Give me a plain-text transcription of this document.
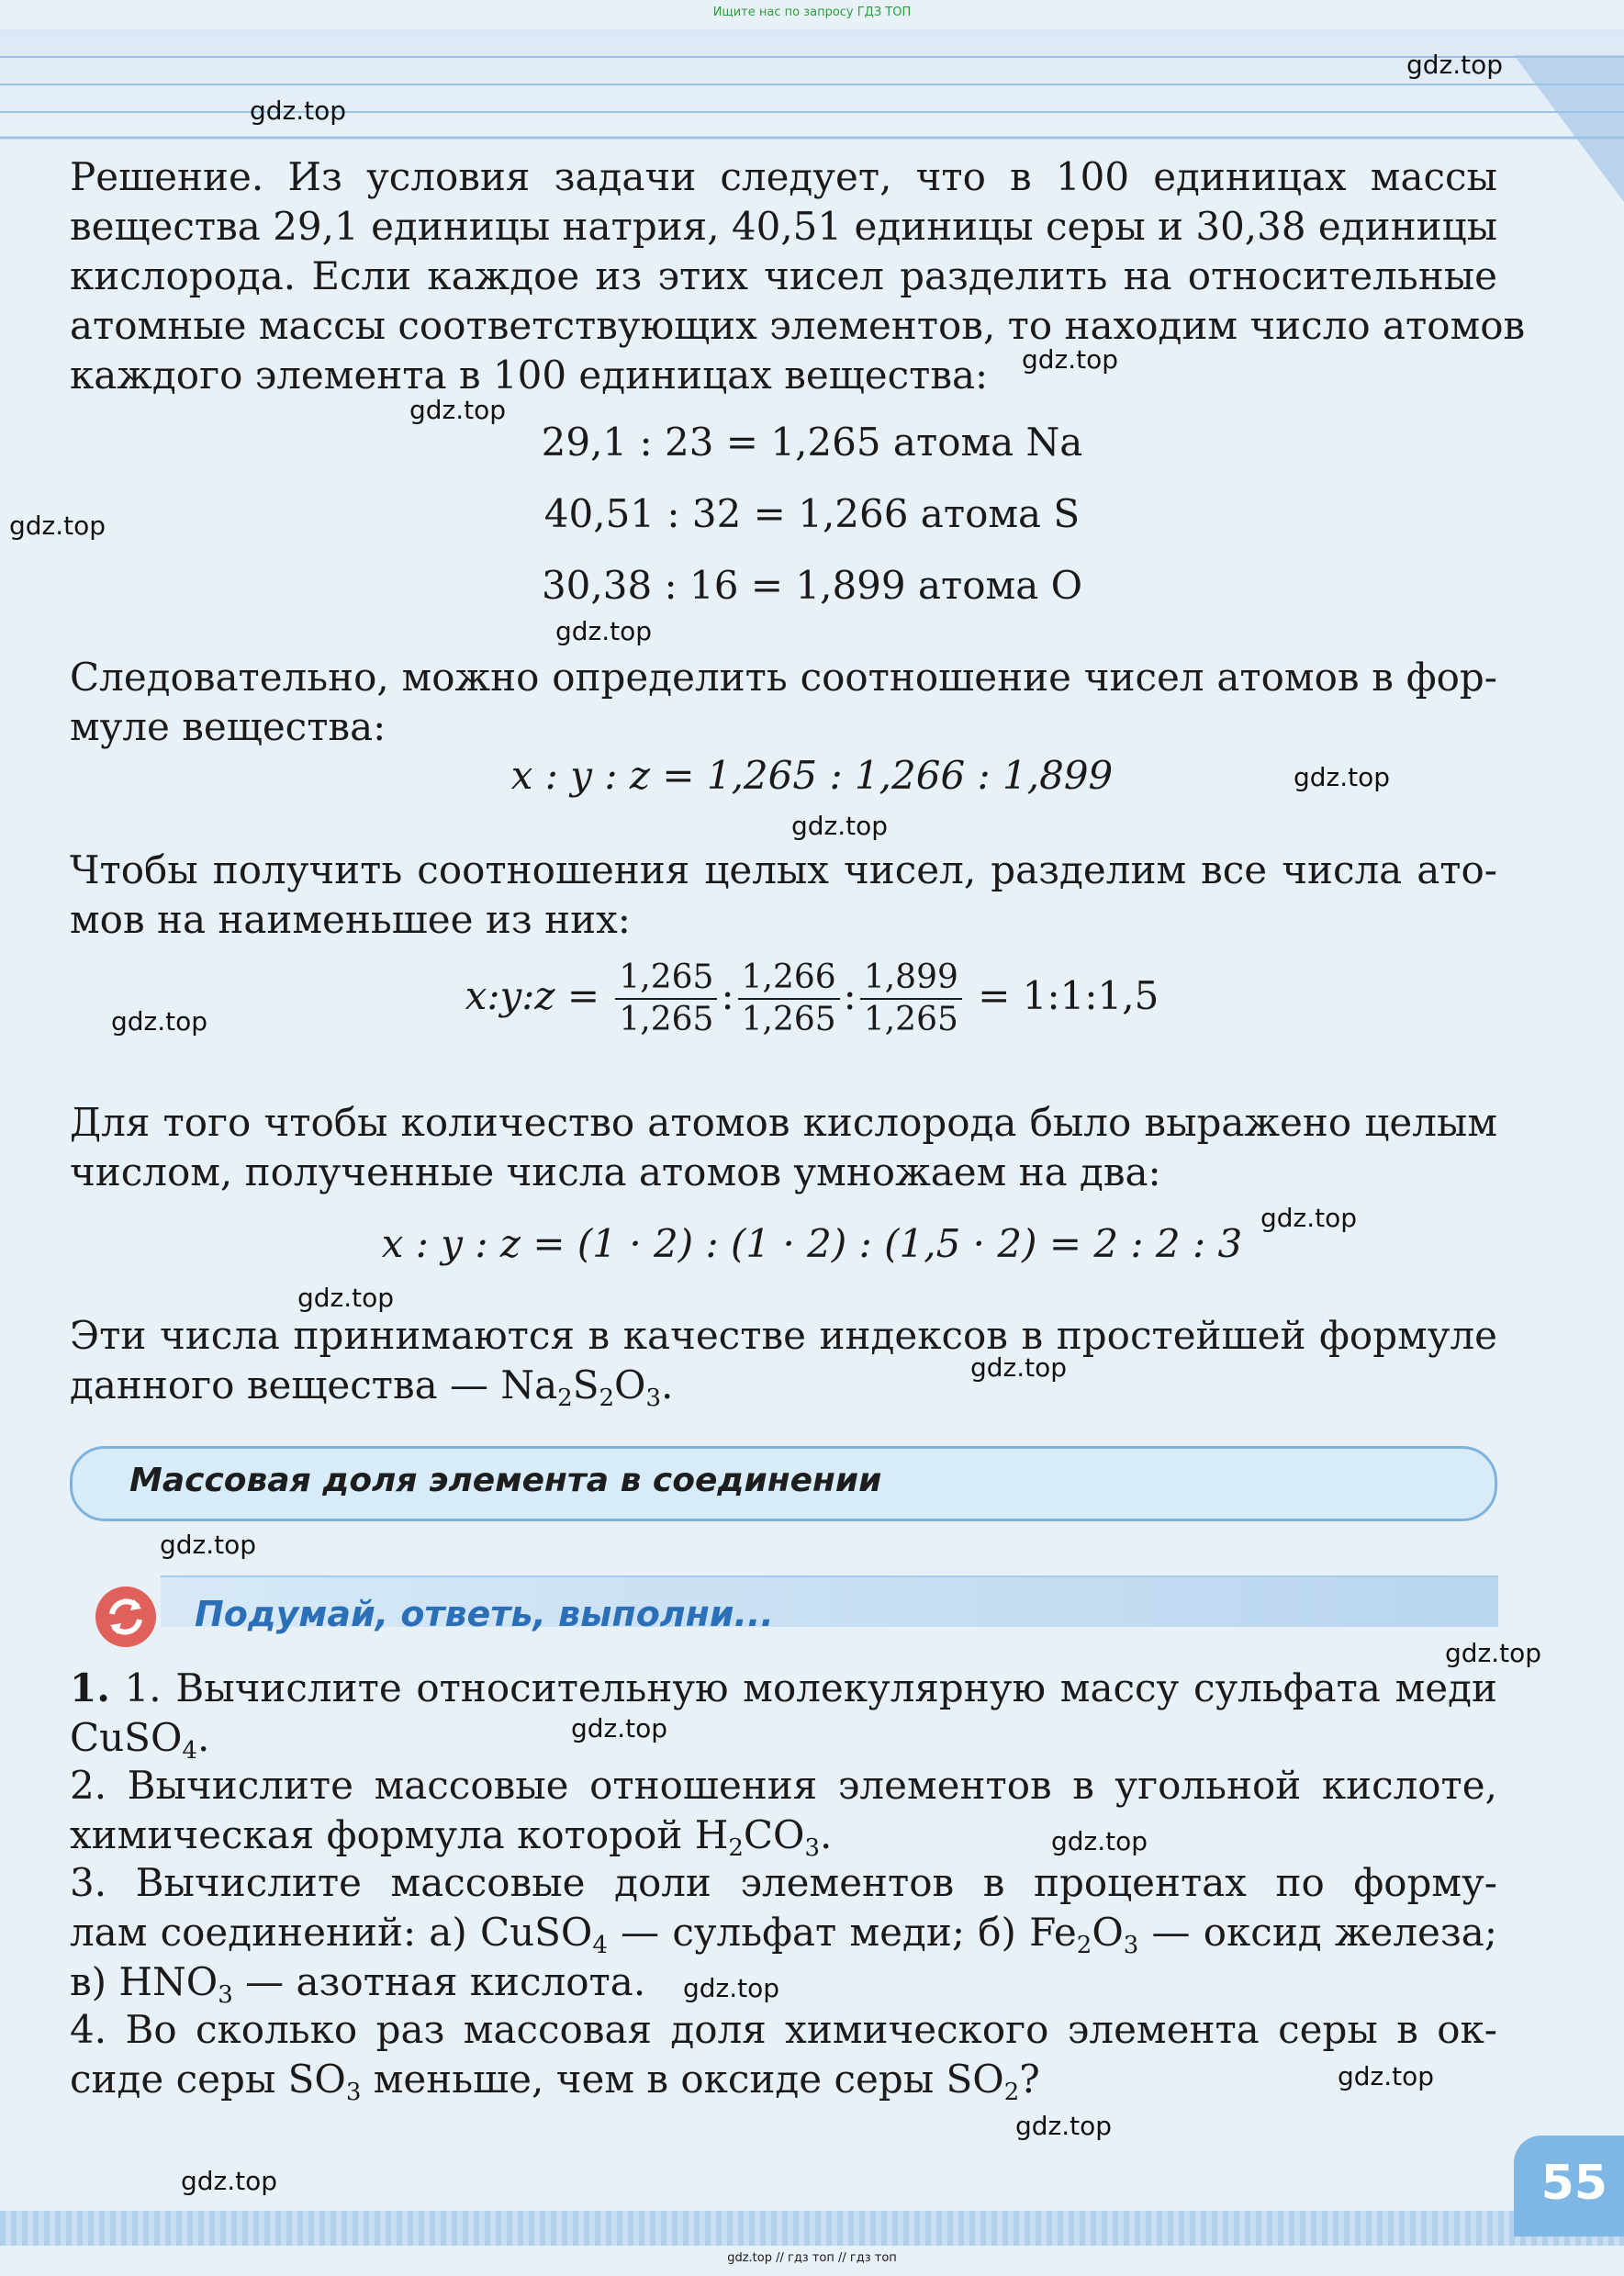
Ищите нас по запросу ГДЗ ТОП
Решение. Из условия задачи следует, что в 100 единицах массы
вещества 29,1 единицы натрия, 40,51 единицы серы и 30,38 единицы
кислорода. Если каждое из этих чисел разделить на относительные
атомные массы соответствующих элементов, то находим число атомов
каждого элемента в 100 единицах вещества:
29,1 : 23 = 1,265 атома Na
40,51 : 32 = 1,266 атома S
30,38 : 16 = 1,899 атома O
Следовательно, можно определить соотношение чисел атомов в фор-
муле вещества:
x : y : z = 1,265 : 1,266 : 1,899
Чтобы получить соотношения целых чисел, разделим все числа ато-
мов на наименьшее из них:
x:y:z = $\frac{1,265}{1,265}$ : $\frac{1,266}{1,265}$ : $\frac{1,899}{1,265}$ = 1:1:1,5
Для того чтобы количество атомов кислорода было выражено целым
числом, полученные числа атомов умножаем на два:
x : y : z = (1 · 2) : (1 · 2) : (1,5 · 2) = 2 : 2 : 3
Эти числа принимаются в качестве индексов в простейшей формуле
данного вещества — $Na_2S_2O_3$.
Массовая доля элемента в соединении
Подумай, ответь, выполни...
1. 1. Вычислите относительную молекулярную массу сульфата меди
CuSO$_4$.
2. Вычислите массовые отношения элементов в угольной кислоте,
химическая формула которой $H_2CO_3$.
3. Вычислите массовые доли элементов в процентах по форму-
лам соединений: а) CuSO$_4$ — сульфат меди; б) $Fe_2O_3$ — оксид железа;
в) $HNO_3$ — азотная кислота.
4. Во сколько раз массовая доля химического элемента серы в ок-
сиде серы $SO_3$ меньше, чем в оксиде серы $SO_2$?
gdz.top
gdz.top
gdz.top
gdz.top
gdz.top
gdz.top
gdz.top
gdz.top
gdz.top
gdz.top
gdz.top
gdz.top
gdz.top
gdz.top
gdz.top
gdz.top
gdz.top
gdz.top
gdz.top
gdz.top	55
gdz.top // гдз топ // гдз топ
